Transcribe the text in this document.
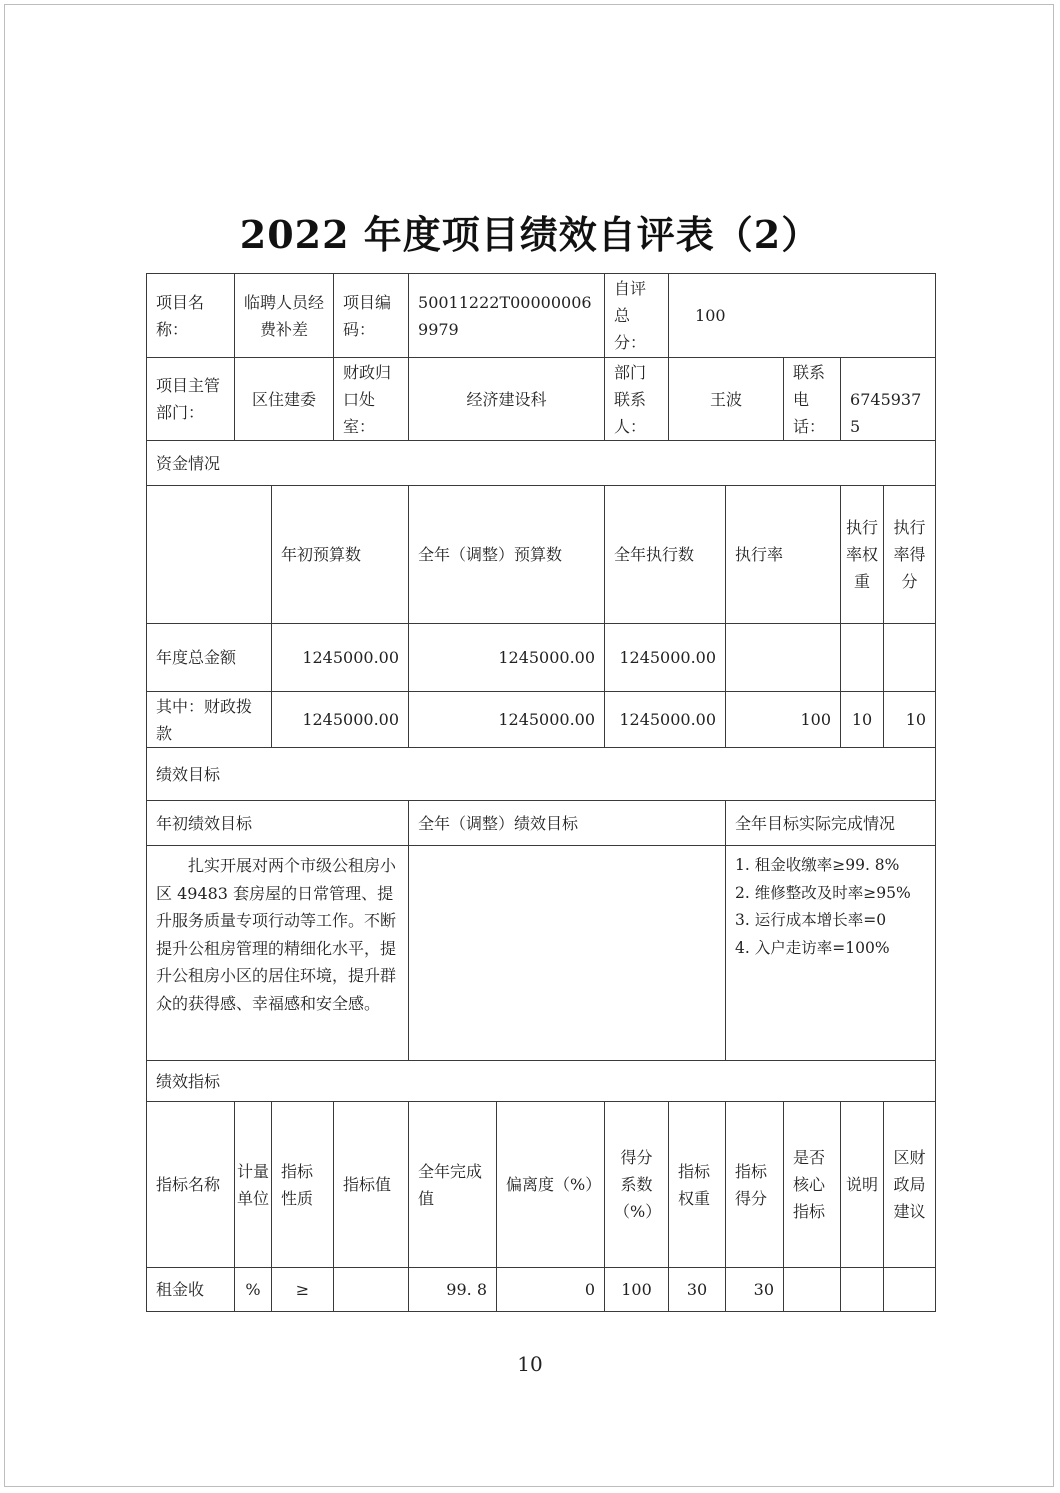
2022 年度项目绩效自评表（2）
项目名称：	临聘人员经费补差		项目编码：	50011222T000000069979		自评总分：	100				
项目主管部门：	区住建委		财政归口处室：	经济建设科		部门联系人：	王波		联系电话：	67459375	
资金情况											
		年初预算数		全年（调整）预算数		全年执行数		执行率		执行率权重	执行率得分
年度总金额		1245000.00		1245000.00		1245000.00					
其中：财政拨款		1245000.00		1245000.00		1245000.00		100		10	10
绩效目标											
年初绩效目标				全年（调整）绩效目标				全年目标实际完成情况			
扎实开展对两个市级公租房小区 49483 套房屋的日常管理、提升服务质量专项行动等工作。不断提升公租房管理的精细化水平，提升公租房小区的居住环境，提升群众的获得感、幸福感和安全感。								1. 租金收缴率≥99. 8%
2. 维修整改及时率≥95%
3. 运行成本增长率=0
4. 入户走访率=100%			

绩效指标											
指标名称	计量单位	指标性质	指标值	全年完成值	偏离度（%）	得分系数（%）	指标权重	指标得分	是否核心指标	说明	区财政局建议
租金收	%	≥		99. 8	0	100	30	30			
10
